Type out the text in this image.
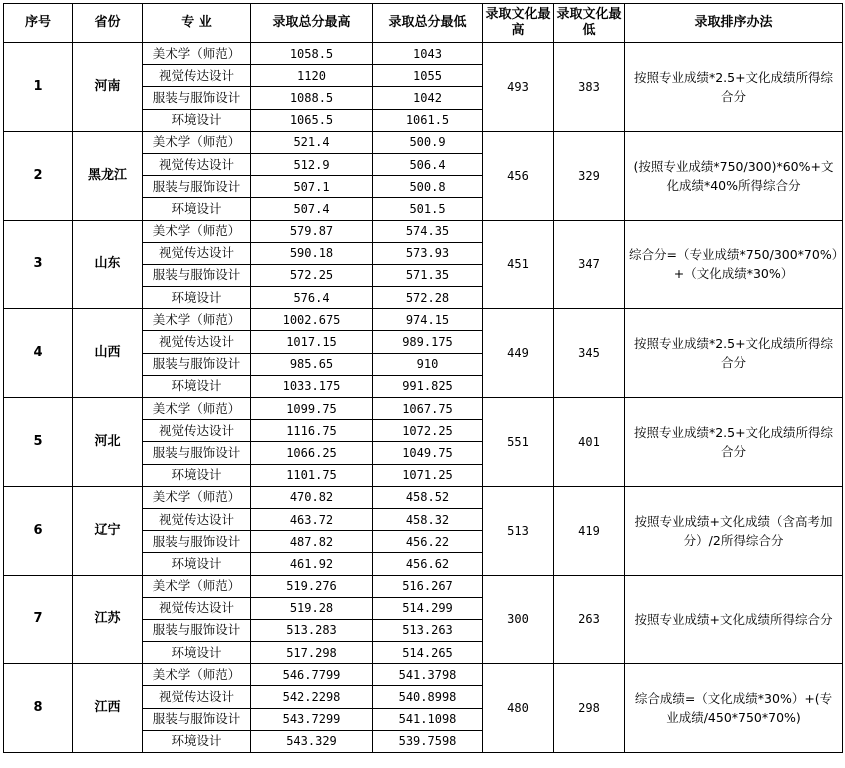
序号	省份	专 业	录取总分最高	录取总分最低	录取文化最高	录取文化最低	录取排序办法
1	河南	美术学（师范）	1058.5	1043	493	383	按照专业成绩*2.5+文化成绩所得综合分
		视觉传达设计	1120	1055			
		服装与服饰设计	1088.5	1042			
		环境设计	1065.5	1061.5			
2	黑龙江	美术学（师范）	521.4	500.9	456	329	(按照专业成绩*750/300)*60%+文化成绩*40%所得综合分
		视觉传达设计	512.9	506.4			
		服装与服饰设计	507.1	500.8			
		环境设计	507.4	501.5			
3	山东	美术学（师范）	579.87	574.35	451	347	综合分=（专业成绩*750/300*70%）+（文化成绩*30%）
		视觉传达设计	590.18	573.93			
		服装与服饰设计	572.25	571.35			
		环境设计	576.4	572.28			
4	山西	美术学（师范）	1002.675	974.15	449	345	按照专业成绩*2.5+文化成绩所得综合分
		视觉传达设计	1017.15	989.175			
		服装与服饰设计	985.65	910			
		环境设计	1033.175	991.825			
5	河北	美术学（师范）	1099.75	1067.75	551	401	按照专业成绩*2.5+文化成绩所得综合分
		视觉传达设计	1116.75	1072.25			
		服装与服饰设计	1066.25	1049.75			
		环境设计	1101.75	1071.25			
6	辽宁	美术学（师范）	470.82	458.52	513	419	按照专业成绩+文化成绩（含高考加分）/2所得综合分
		视觉传达设计	463.72	458.32			
		服装与服饰设计	487.82	456.22			
		环境设计	461.92	456.62			
7	江苏	美术学（师范）	519.276	516.267	300	263	按照专业成绩+文化成绩所得综合分
		视觉传达设计	519.28	514.299			
		服装与服饰设计	513.283	513.263			
		环境设计	517.298	514.265			
8	江西	美术学（师范）	546.7799	541.3798	480	298	综合成绩=（文化成绩*30%）+(专业成绩/450*750*70%)
		视觉传达设计	542.2298	540.8998			
		服装与服饰设计	543.7299	541.1098			
		环境设计	543.329	539.7598			
